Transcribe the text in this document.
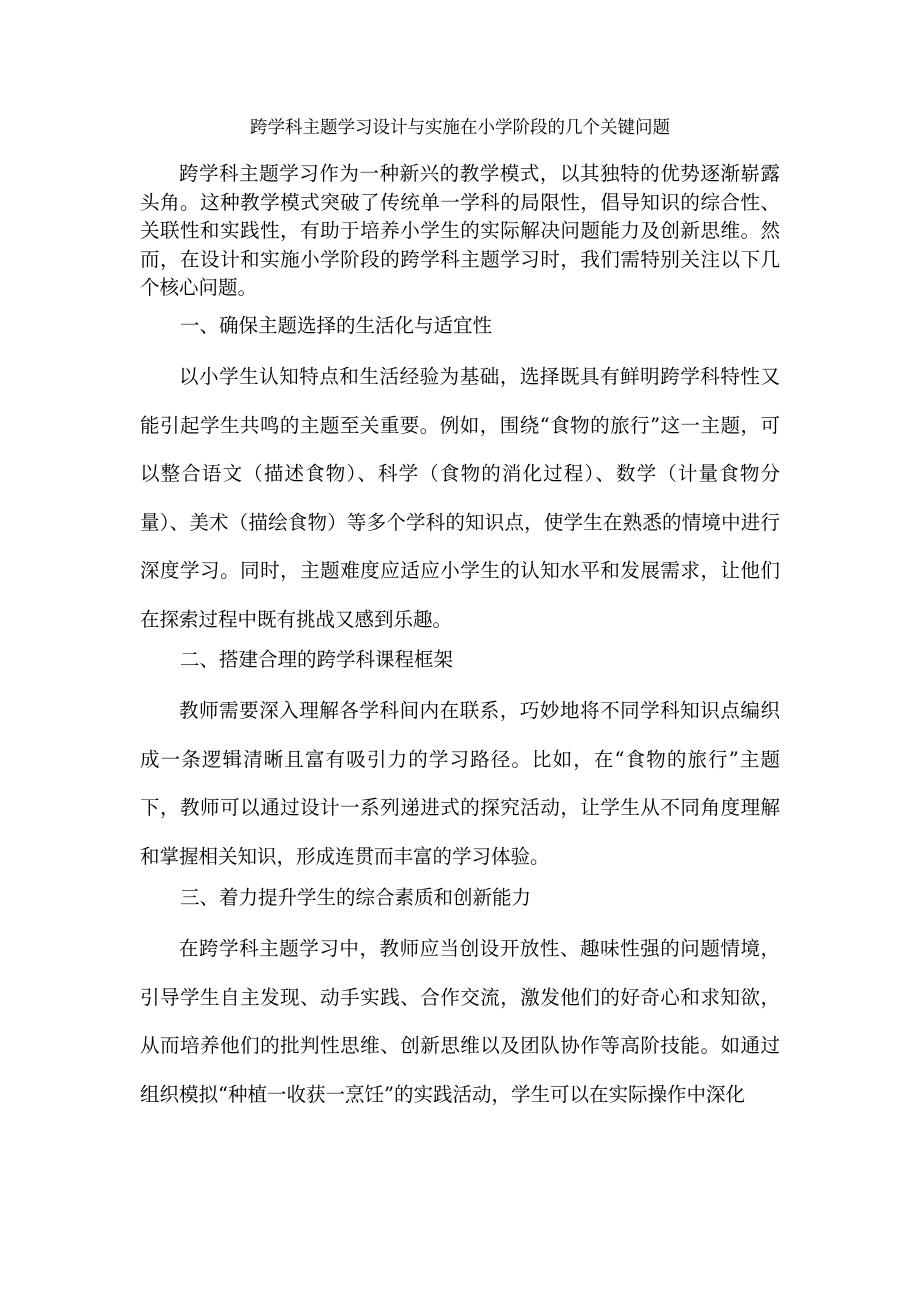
跨学科主题学习设计与实施在小学阶段的几个关键问题

跨学科主题学习作为一种新兴的教学模式，以其独特的优势逐渐崭露头角。这种教学模式突破了传统单一学科的局限性，倡导知识的综合性、关联性和实践性，有助于培养小学生的实际解决问题能力及创新思维。然而，在设计和实施小学阶段的跨学科主题学习时，我们需特别关注以下几个核心问题。

一、确保主题选择的生活化与适宜性

以小学生认知特点和生活经验为基础，选择既具有鲜明跨学科特性又能引起学生共鸣的主题至关重要。例如，围绕“食物的旅行”这一主题，可以整合语文（描述食物）、科学（食物的消化过程）、数学（计量食物分量）、美术（描绘食物）等多个学科的知识点，使学生在熟悉的情境中进行深度学习。同时，主题难度应适应小学生的认知水平和发展需求，让他们在探索过程中既有挑战又感到乐趣。

二、搭建合理的跨学科课程框架

教师需要深入理解各学科间内在联系，巧妙地将不同学科知识点编织成一条逻辑清晰且富有吸引力的学习路径。比如，在“食物的旅行”主题下，教师可以通过设计一系列递进式的探究活动，让学生从不同角度理解和掌握相关知识，形成连贯而丰富的学习体验。

三、着力提升学生的综合素质和创新能力

在跨学科主题学习中，教师应当创设开放性、趣味性强的问题情境，引导学生自主发现、动手实践、合作交流，激发他们的好奇心和求知欲，从而培养他们的批判性思维、创新思维以及团队协作等高阶技能。如通过组织模拟“种植一收获一烹饪”的实践活动，学生可以在实际操作中深化
